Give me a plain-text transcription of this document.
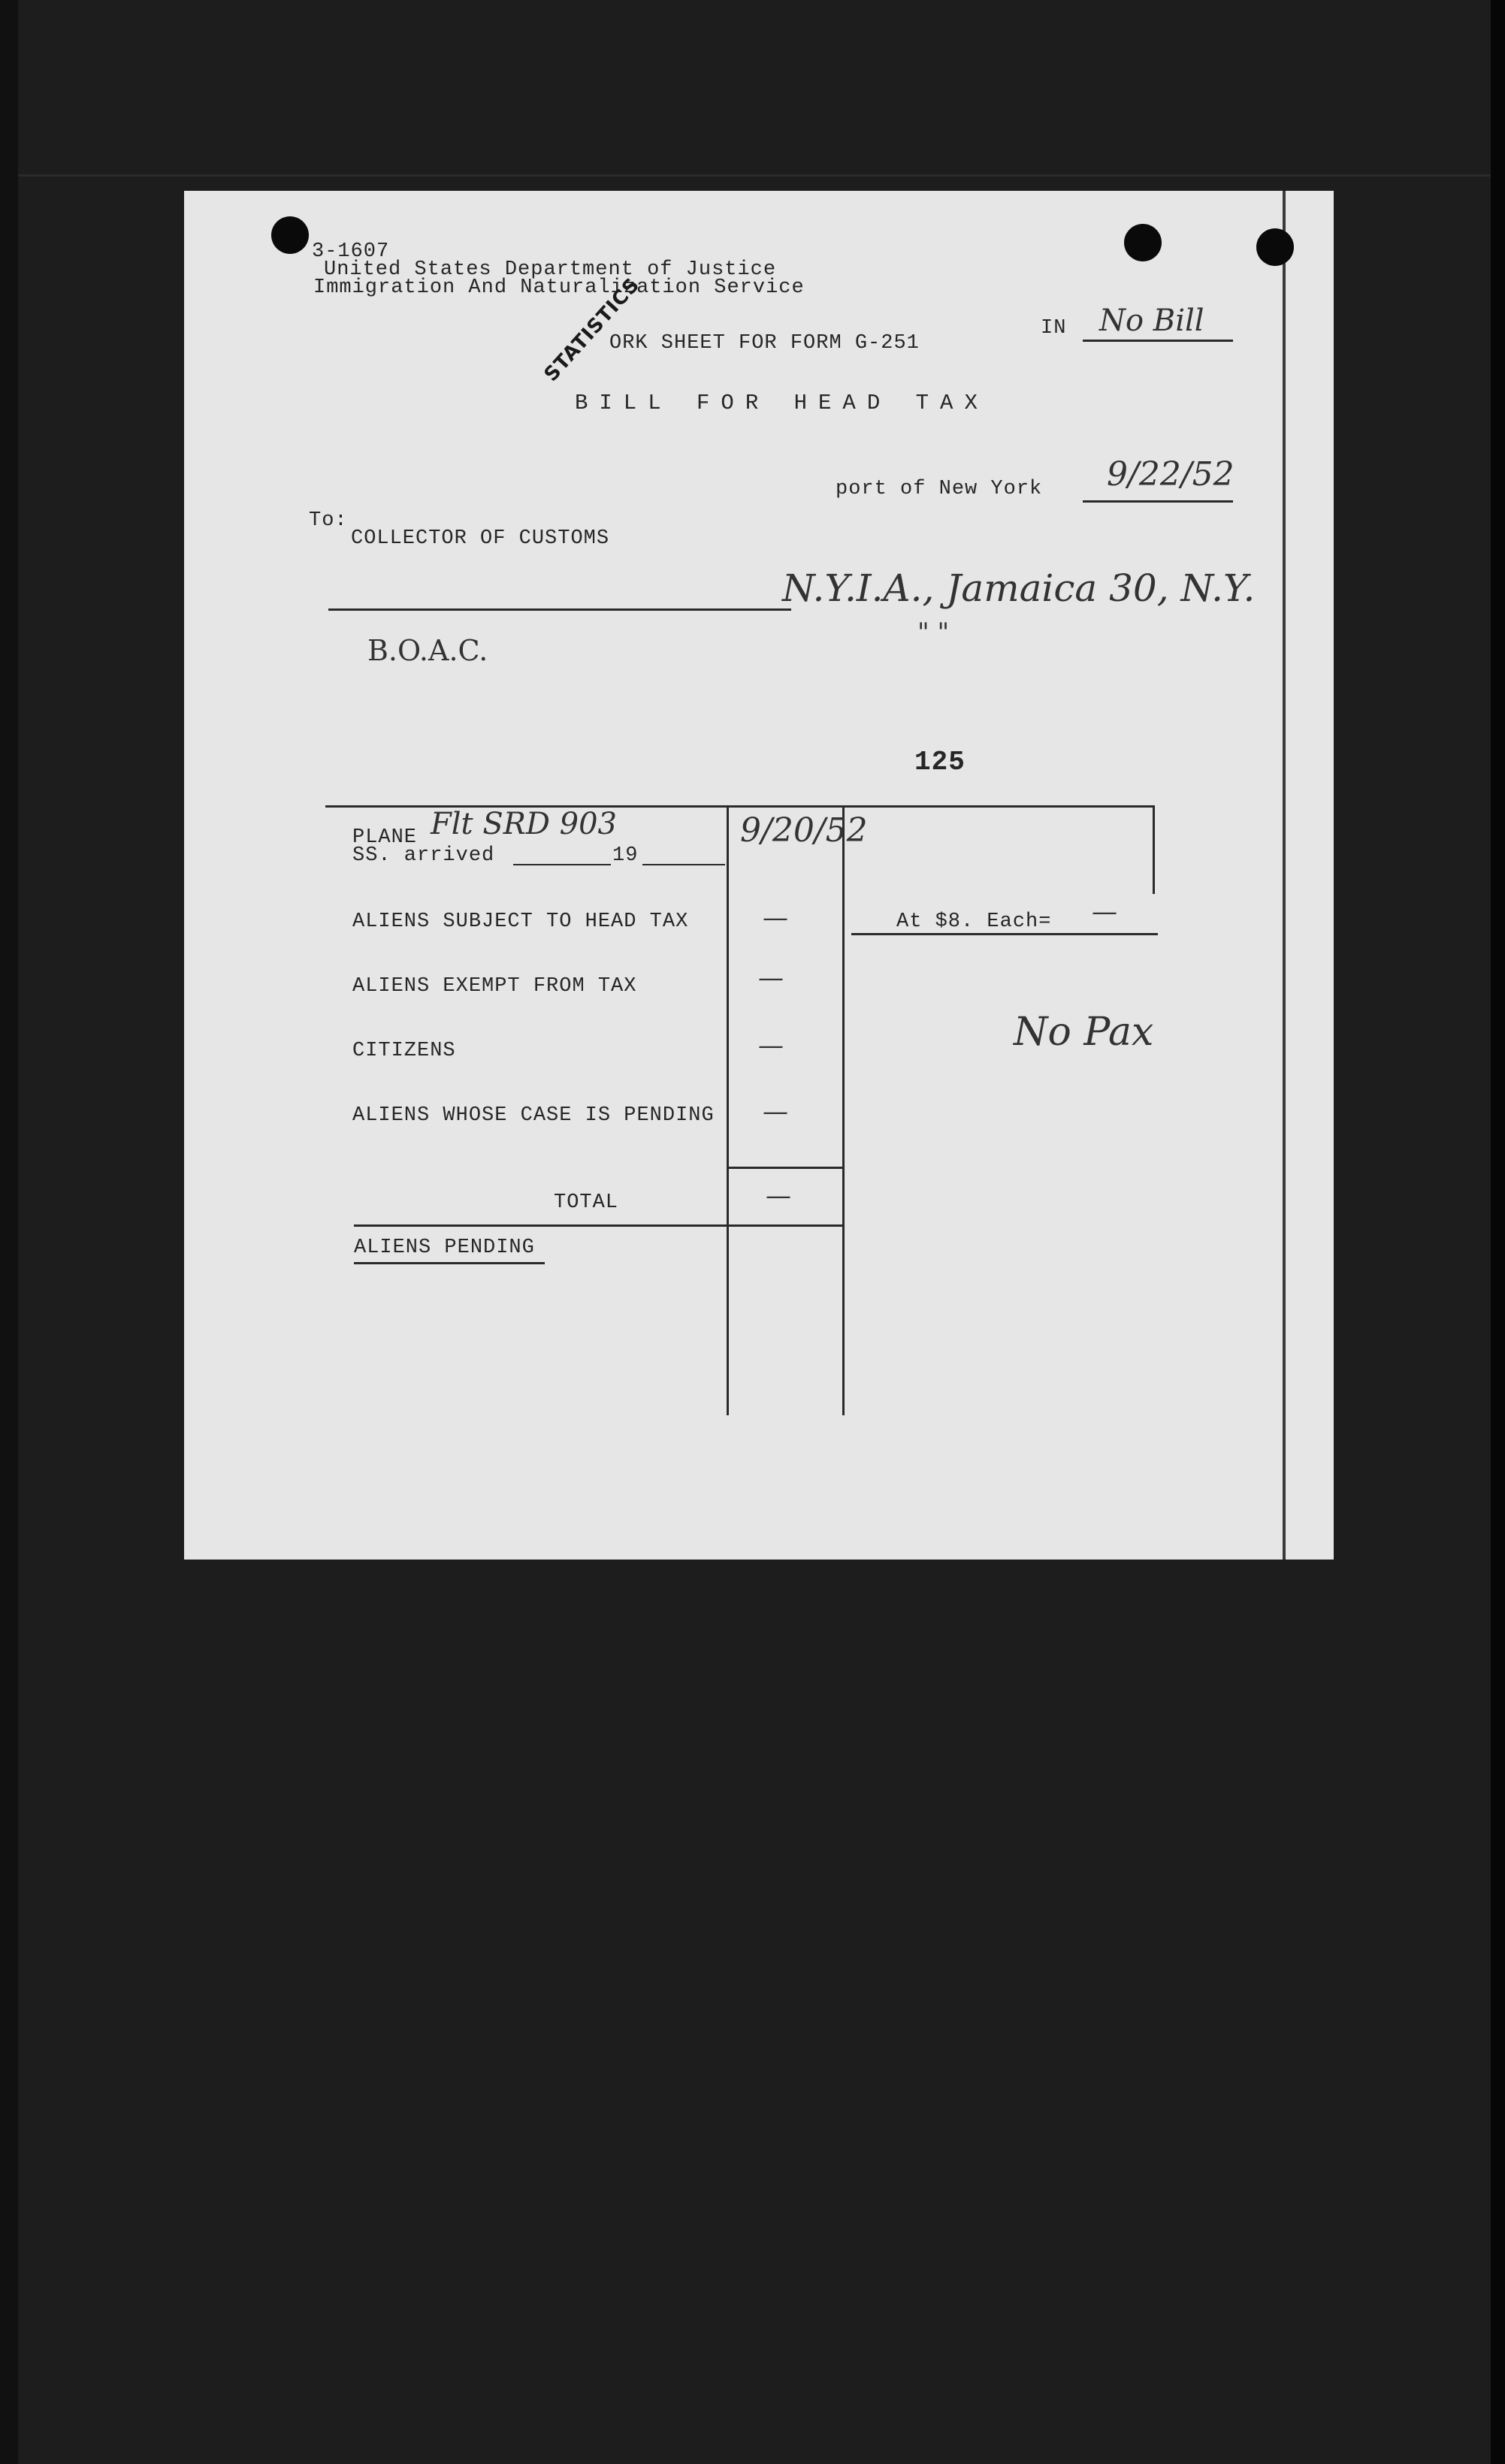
3-1607
United States Department of Justice
Immigration And Naturalization Service
STATISTICS
ORK SHEET FOR FORM G-251
IN No Bill
BILL FOR HEAD TAX
port of New York 9/22/52
To:
COLLECTOR OF CUSTOMS
N.Y.I.A., Jamaica 30, N.Y.
" "
B.O.A.C.
125
PLANE Flt SRD 903
SS. arrived	19
9/20/52
ALIENS SUBJECT TO HEAD TAX	—	At $8. Each= —
ALIENS EXEMPT FROM TAX	—
CITIZENS	—
ALIENS WHOSE CASE IS PENDING —
TOTAL	—
ALIENS PENDING
No Pax
